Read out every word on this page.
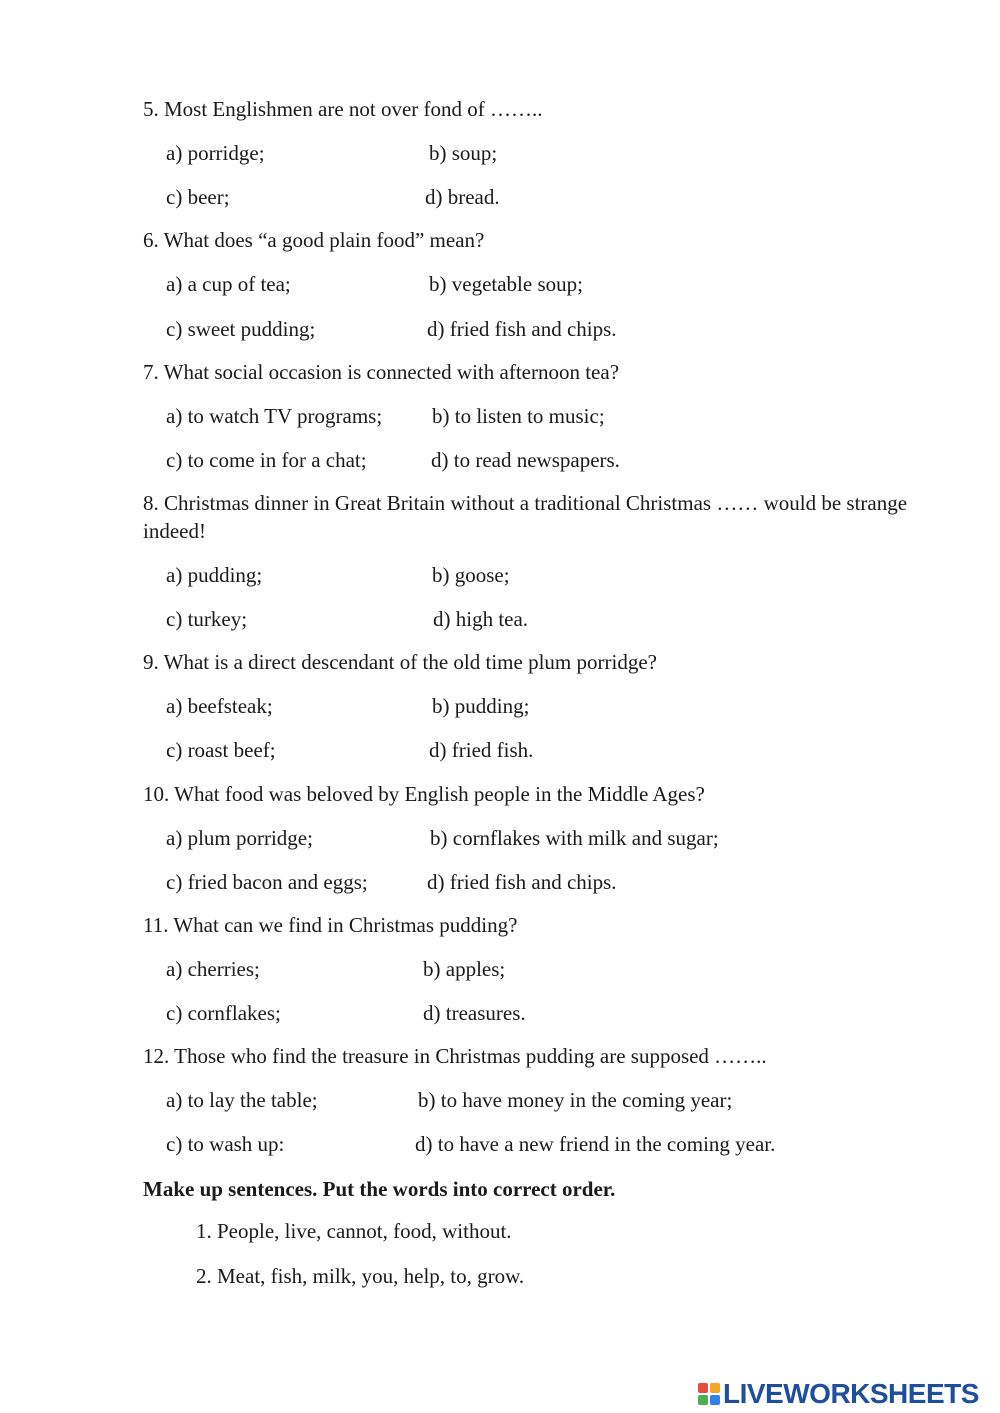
5. Most Englishmen are not over fond of ……..
a) porridge;	b) soup;
c) beer;	d) bread.
6. What does “a good plain food” mean?
a) a cup of tea;	b) vegetable soup;
c) sweet pudding;	d) fried fish and chips.
7. What social occasion is connected with afternoon tea?
a) to watch TV programs; b) to listen to music;
c) to come in for a chat;	d) to read newspapers.
8. Christmas dinner in Great Britain without a traditional Christmas …… would be strange indeed!
a) pudding;	b) goose;
c) turkey;	d) high tea.
9. What is a direct descendant of the old time plum porridge?
a) beefsteak;	b) pudding;
c) roast beef;	d) fried fish.
10. What food was beloved by English people in the Middle Ages?
a) plum porridge;	b) cornflakes with milk and sugar;
c) fried bacon and eggs;	d) fried fish and chips.
11. What can we find in Christmas pudding?
a) cherries;	b) apples;
c) cornflakes;	d) treasures.
12. Those who find the treasure in Christmas pudding are supposed ……..
a) to lay the table;	b) to have money in the coming year;
c) to wash up:	d) to have a new friend in the coming year.
Make up sentences. Put the words into correct order.
1. People, live, cannot, food, without.
2. Meat, fish, milk, you, help, to, grow.
LIVEWORKSHEETS
